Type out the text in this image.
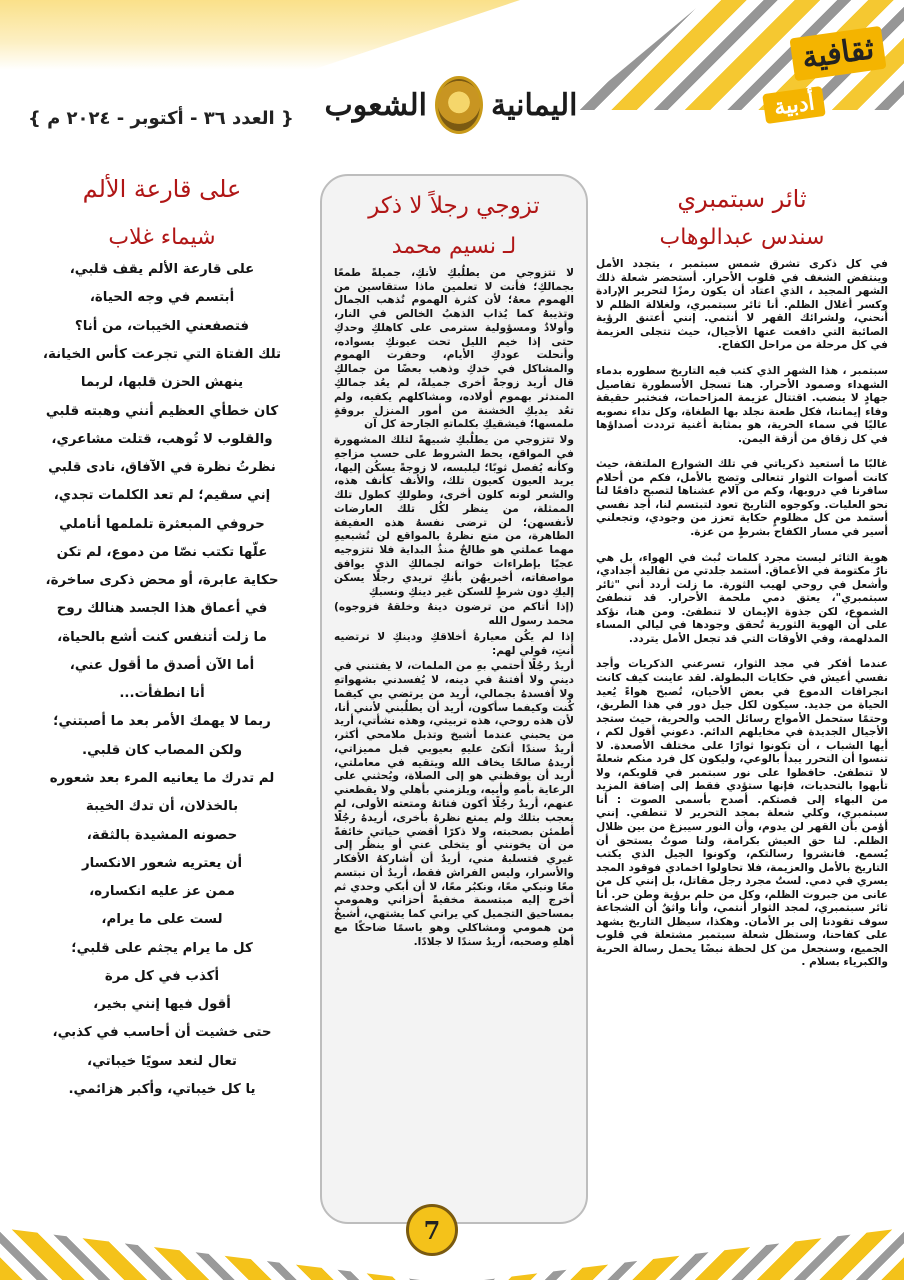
ثقافية
أدبية
اليمانية
الشعوب
{ العدد ٣٦ - أكتوبر - ٢٠٢٤ م }
ثائر سبتمبري
سندس عبدالوهاب

في كل ذكرى تشرق شمس سبتمبر ، يتجدد الأمل وينتفض الشغف في قلوب الأحرار. أستحضر شعلة ذلك الشهر المجيد ، الذي اعتاد أن يكون رمزًا لتحرير الإرادة وكسر أغلال الظلم. أنا ثائر سبتمبري، ولغلالة الظلم لا أنحني، ولشرائك القهر لا أنتمي. إنني أعتنق الرؤية الصائبة التي دافعت عنها الأجيال، حيث تتجلى العزيمة في كل مرحلة من مراحل الكفاح.

سبتمبر ، هذا الشهر الذي كتب فيه التاريخ سطوره بدماء الشهداء وصمود الأحرار. هنا تسجل الأسطورة تفاصيل جهادٍ لا ينضب. اقتتال عزيمة المزاحمات، فنختبر حقيقة وفاء إيماننا، فكل طعنة نجلد بها الطغاة، وكل نداء نصوبه عاليًا في سماء الحرية، هو بمثابة أغنية ترددت أصداؤها في كل زقاق من أزقة اليمن.

غالبًا ما أستعيد ذكرياتي في تلك الشوارع الملتفة، حيث كانت أصوات الثوار تتعالى وتضج بالأمل، فكم من أحلام سافرنا في دروبها، وكم من آلام عشناها لتصبح دافعًا لنا نحو العليات. وكوجوه التاريخ تعود لتبتسم لنا، أجد نفسي أستمد من كل مظلومٍ حكاية تعزز من وجودي، وتجعلني أسير في مسار الكفاح بشرطٍ من عزة.

هوية الثائر ليست مجرد كلمات تُبث في الهواء، بل هي نارٌ مكتومة في الأعماق. أستمد جلدتي من تقاليد أجدادي، وأشعل في روحي لهيب الثورة. ما زلت أردد أني "ثائر سبتمبري"، يعتق دمي ملحمة الأحرار. قد تنطفئ الشموع، لكن جذوة الإيمان لا تنطفئ. ومن هنا، نؤكد على أن الهوية الثورية تُحقق وجودها في ليالي المساء المدلهمة، وفي الأوقات التي قد تجعل الأمل يتردد.

عندما أفكر في مجد الثوار، تسرعني الذكريات وأجد نفسي أعيش في حكايات البطولة. لقد عاينت كيف كانت انجرافات الدموع في بعض الأحيان، تُصبح هواءً يُعيد الحياة من جديد. سيكون لكل جيل دور في هذا الطريق، وحتمًا ستحمل الأمواج رسائل الحب والحرية، حيث ستجد الأجيال الجديدة في مخايلهم الدائم. دعوني أقول لكم ، أيها الشباب ، أن تكونوا ثوارًا على مختلف الأصعدة. لا تنسوا أن التحرر يبدأ بالوعي، وليكون كل فرد منكم شعلةً لا تنطفئ. حافظوا على نور سبتمبر في قلوبكم، ولا تأبهوا بالتحديات، فإنها ستؤدي فقط إلى إضافة المزيد من البهاء إلى قصتكم. أصدح بأسمى الصوت : أنا سبتمبري، وكلي شعلة بمجد التحرير لا تنطفي. إنني أؤمن بأن القهر لن يدوم، وأن النور سيبزغ من بين ظلال الظلم. لنا حق العيش بكرامة، ولنا صوتٌ يستحق أن يُسمع. فانشروا رسالتكم، وكونوا الجيل الذي يكتب التاريخ بالأمل والعزيمة، فلا تحاولوا اخمادي فوقود المجد يسري في دمي. لستُ مجرد رجل مقاتل، بل إنني كل من عانى من جبروت الظلم، وكل من حلم برؤية وطن حر. أنا ثائر سبتمبري، لمجد الثوار أنتمي، وأنا واثقٌ أن الشجاعة سوف تقودنا إلى بر الأمان. وهكذا، سيظل التاريخ يشهد على كفاحنا، وستظل شعلة سبتمبر مشتعلة في قلوب الجميع، وسنجعل من كل لحظة نبضًا يحمل رسالة الحرية والكبرياء بسلام .

تزوجي رجلاً لا ذكر
لـ نسيم محمد

لا تتزوجي من يطلُبكِ لأنكِ، جميلةً طمعًا بجمالكِ؛ فأنت لا تعلمين ماذا ستقاسين من الهموم معهُ؛ لأن كثرة الهموم تُذهب الجمال وتذيبهُ كما يُذاب الذهبُ الخالص في النار، وأولادٌ ومسؤولية سترمى على كاهلكِ وحدكِ حتى إذا خيم الليل تحت عيونكِ بسواده، وأنحلت عودكِ الأيام، وحفرت الهموم والمشاكل في خدكِ وذهب بعضًا من جمالكِ قال أريد زوجةً أخرى جميلةً، لم يعُد جمالكِ المندثر بهموم أولاده، ومشاكلهم يكفيه، ولم تعُد يديكِ الخشنة من أمور المنزل بروقةٍ ملمسها؛ فيشقيكِ بكلماتهِ الجارحة كل آن

ولا تتزوجي من يطلُبكِ شبيهةً لتلك المشهورة في المواقع، يحط الشروط على حسب مزاجهِ وكأنه يُفصل ثوبًا؛ ليلبسه، لا زوجةً يسكُن إليها، يريد العيون كعيون تلك، والأنف كأنف هذه، والشعر لونه كلون أخرى، وطولكِ كطول تلك الممثلة، من ينظر لكُل تلك العارضات لأنفسهن؛ لن ترضى نفسهُ هذه العفيفة الطاهرة، من متع نظرهُ بالمواقع لن تُشبعيهِ مهما عملتي هو طالحٌ منذُ البداية فلا تتزوجيه عجبًا بإطراءات خواته لجمالكِ الذي يوافق مواصفاته، أخبريهُن بأنكِ تريدي رجلًا يسكن إليكِ دون شرطٍ للسكن غير دينكِ ونسبكِ

(إذا أتاكم من ترضون دينهُ وخلقهُ فزوجوه) محمد رسول الله

إذا لم يكُن معيارهُ أخلاقكِ ودينكِ لا ترتضيه أنتِ، قولي لهم:

أريدُ رجُلًا أحتمي بهِ من الملمات، لا يفتنني في ديني ولا أفتنهُ في دينه، لا يُفسدني بشهواتهِ ولا أفسدهُ بجمالي، أريد من يرتضي بي كيفما كُنت وكيفما سأكون، أريد أن يطلُبني لأنني أنا، لأن هذه روحي، هذه تربيتي، وهذه نشأتي، أريد من يحبني عندما أشيخ وتذبل ملامحي أكثر، أريدُ سندًا أتكئ عليهِ بعيوبي قبل مميزاتي، أريدهُ صالحًا يخاف الله ويتقيه في معاملتي، أريد أن يوقظني هو إلى الصلاة، ويُحثني على الرعاية بأمهِ وأبيه، ويلزمني بأهلي ولا يقطعني عنهم، أريدُ رجُلًا أكون فتاتهُ ومتعته الأولى، لم يعجب بتلك ولم يمتع نظرهُ بأخرى، أريدهُ رجُلًا أطمئن بصحبته، ولا ذكرًا أقضي حياتي خائفةً من أن يخونني أو يتخلى عني أو ينظُر إلى غيري فتسلبهُ مني، أريدُ أن أشاركهُ الأفكار والأسرار، وليس الفراش فقط، أريدُ أن نبتسم معًا ونبكي معًا، ونكبُر معًا، لا أن أبكي وحدي ثم أخرج إليه مبتسمة مخفيةً أحزاني وهمومي بمساحيق التجميل كي يراني كما يشتهي، أشيخُ من همومي ومشاكلي وهو باسمًا ضاحكًا مع أهلهِ وصحبه، أريدُ سندًا لا جلادًا.

على قارعة الألم
شيماء غلاب
على قارعة الألم يقف قلبي،
أبتسم في وجه الحياة،
فتصفعني الخيبات، من أنا؟
تلك الفتاة التي تجرعت كأس الخيانة،
ينهش الحزن قلبها، لربما
كان خطأي العظيم أنني وهبته قلبي
والقلوب لا تُوهب، قتلت مشاعري،
نظرتُ نظرة في الآفاق، نادى قلبي
إني سقيم؛ لم تعد الكلمات تجدي،
حروفي المبعثرة تلملمها أناملي
علّها تكتب نصّا من دموع، لم تكن
حكاية عابرة، أو محض ذكرى ساخرة،
في أعماق هذا الجسد هنالك روح
ما زلت أتنفس كنت أشع بالحياة،
أما الآن أصدق ما أقول عني،
أنا انطفأت...
ربما لا يهمك الأمر بعد ما أصبتني؛
ولكن المصاب كان قلبي.
لم تدرك ما يعانيه المرء بعد شعوره
بالخذلان، أن تدك الخيبة
حصونه المشيدة بالثقة،
أن يعتريه شعور الانكسار
ممن عز عليه انكساره،
لست على ما يرام،
كل ما يرام يجثم على قلبي؛
أكذب في كل مرة
أقول فيها إنني بخير،
حتى خشيت أن أحاسب في كذبي،
تعال لنعد سويًا خيباتي،
يا كل خيباتي، وأكبر هزائمي.
7
